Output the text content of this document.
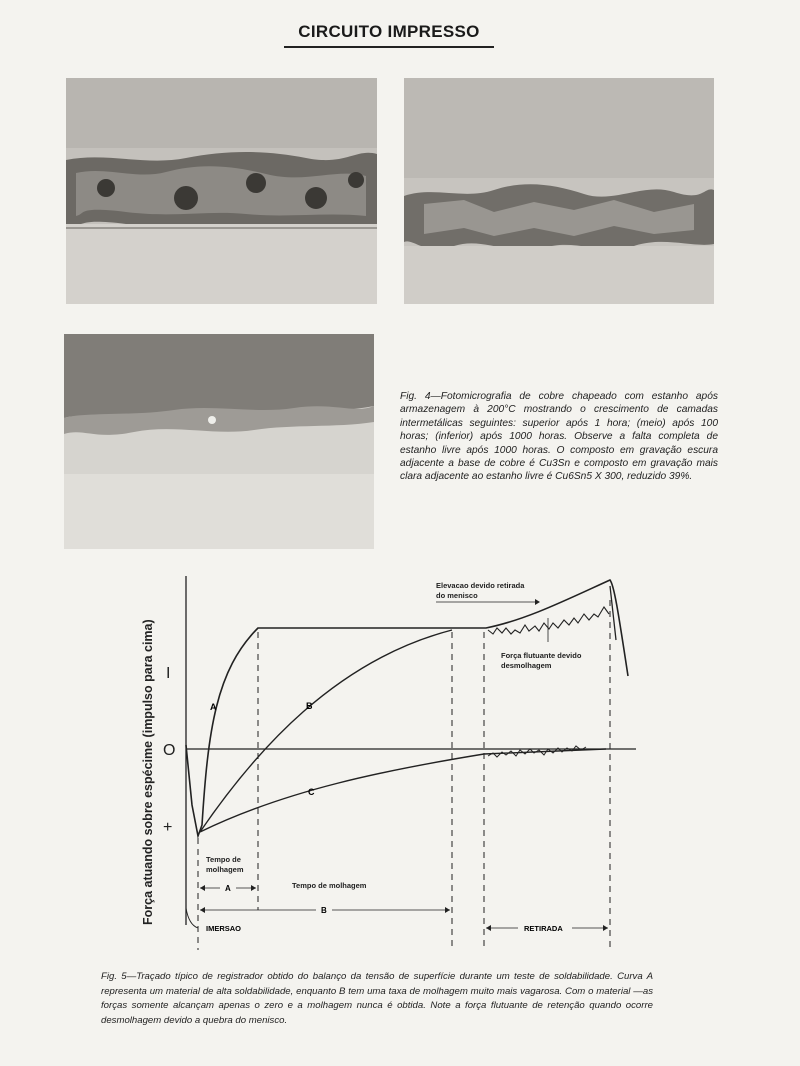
CIRCUITO IMPRESSO
Fig. 4—Fotomicrografia de cobre chapeado com estanho após armazenagem à 200°C mostrando o crescimento de camadas intermetálicas seguintes: superior após 1 hora; (meio) após 100 horas; (inferior) após 1000 horas. Observe a falta completa de estanho livre após 1000 horas. O composto em gravação escura adjacente a base de cobre é Cu3Sn e composto em gravação mais clara adjacente ao estanho livre é Cu6Sn5 X 300, reduzido 39%.
Força atuando sobre espécime (impulso para cima) I
O
+
A	B
C
Elevacao devido retirada do menisco
Força flutuante devido desmolhagem
Tempo de molhagem
A	Tempo de molhagem
B
IMERSAO	RETIRADA
Fig. 5—Traçado típico de registrador obtido do balanço da tensão de superfície durante um teste de soldabilidade. Curva A representa um material de alta soldabilidade, enquanto B tem uma taxa de molhagem muito mais vagarosa. Com o material —as forças somente alcançam apenas o zero e a molhagem nunca é obtida. Note a força flutuante de retenção quando ocorre desmolhagem devido a quebra do menisco.
